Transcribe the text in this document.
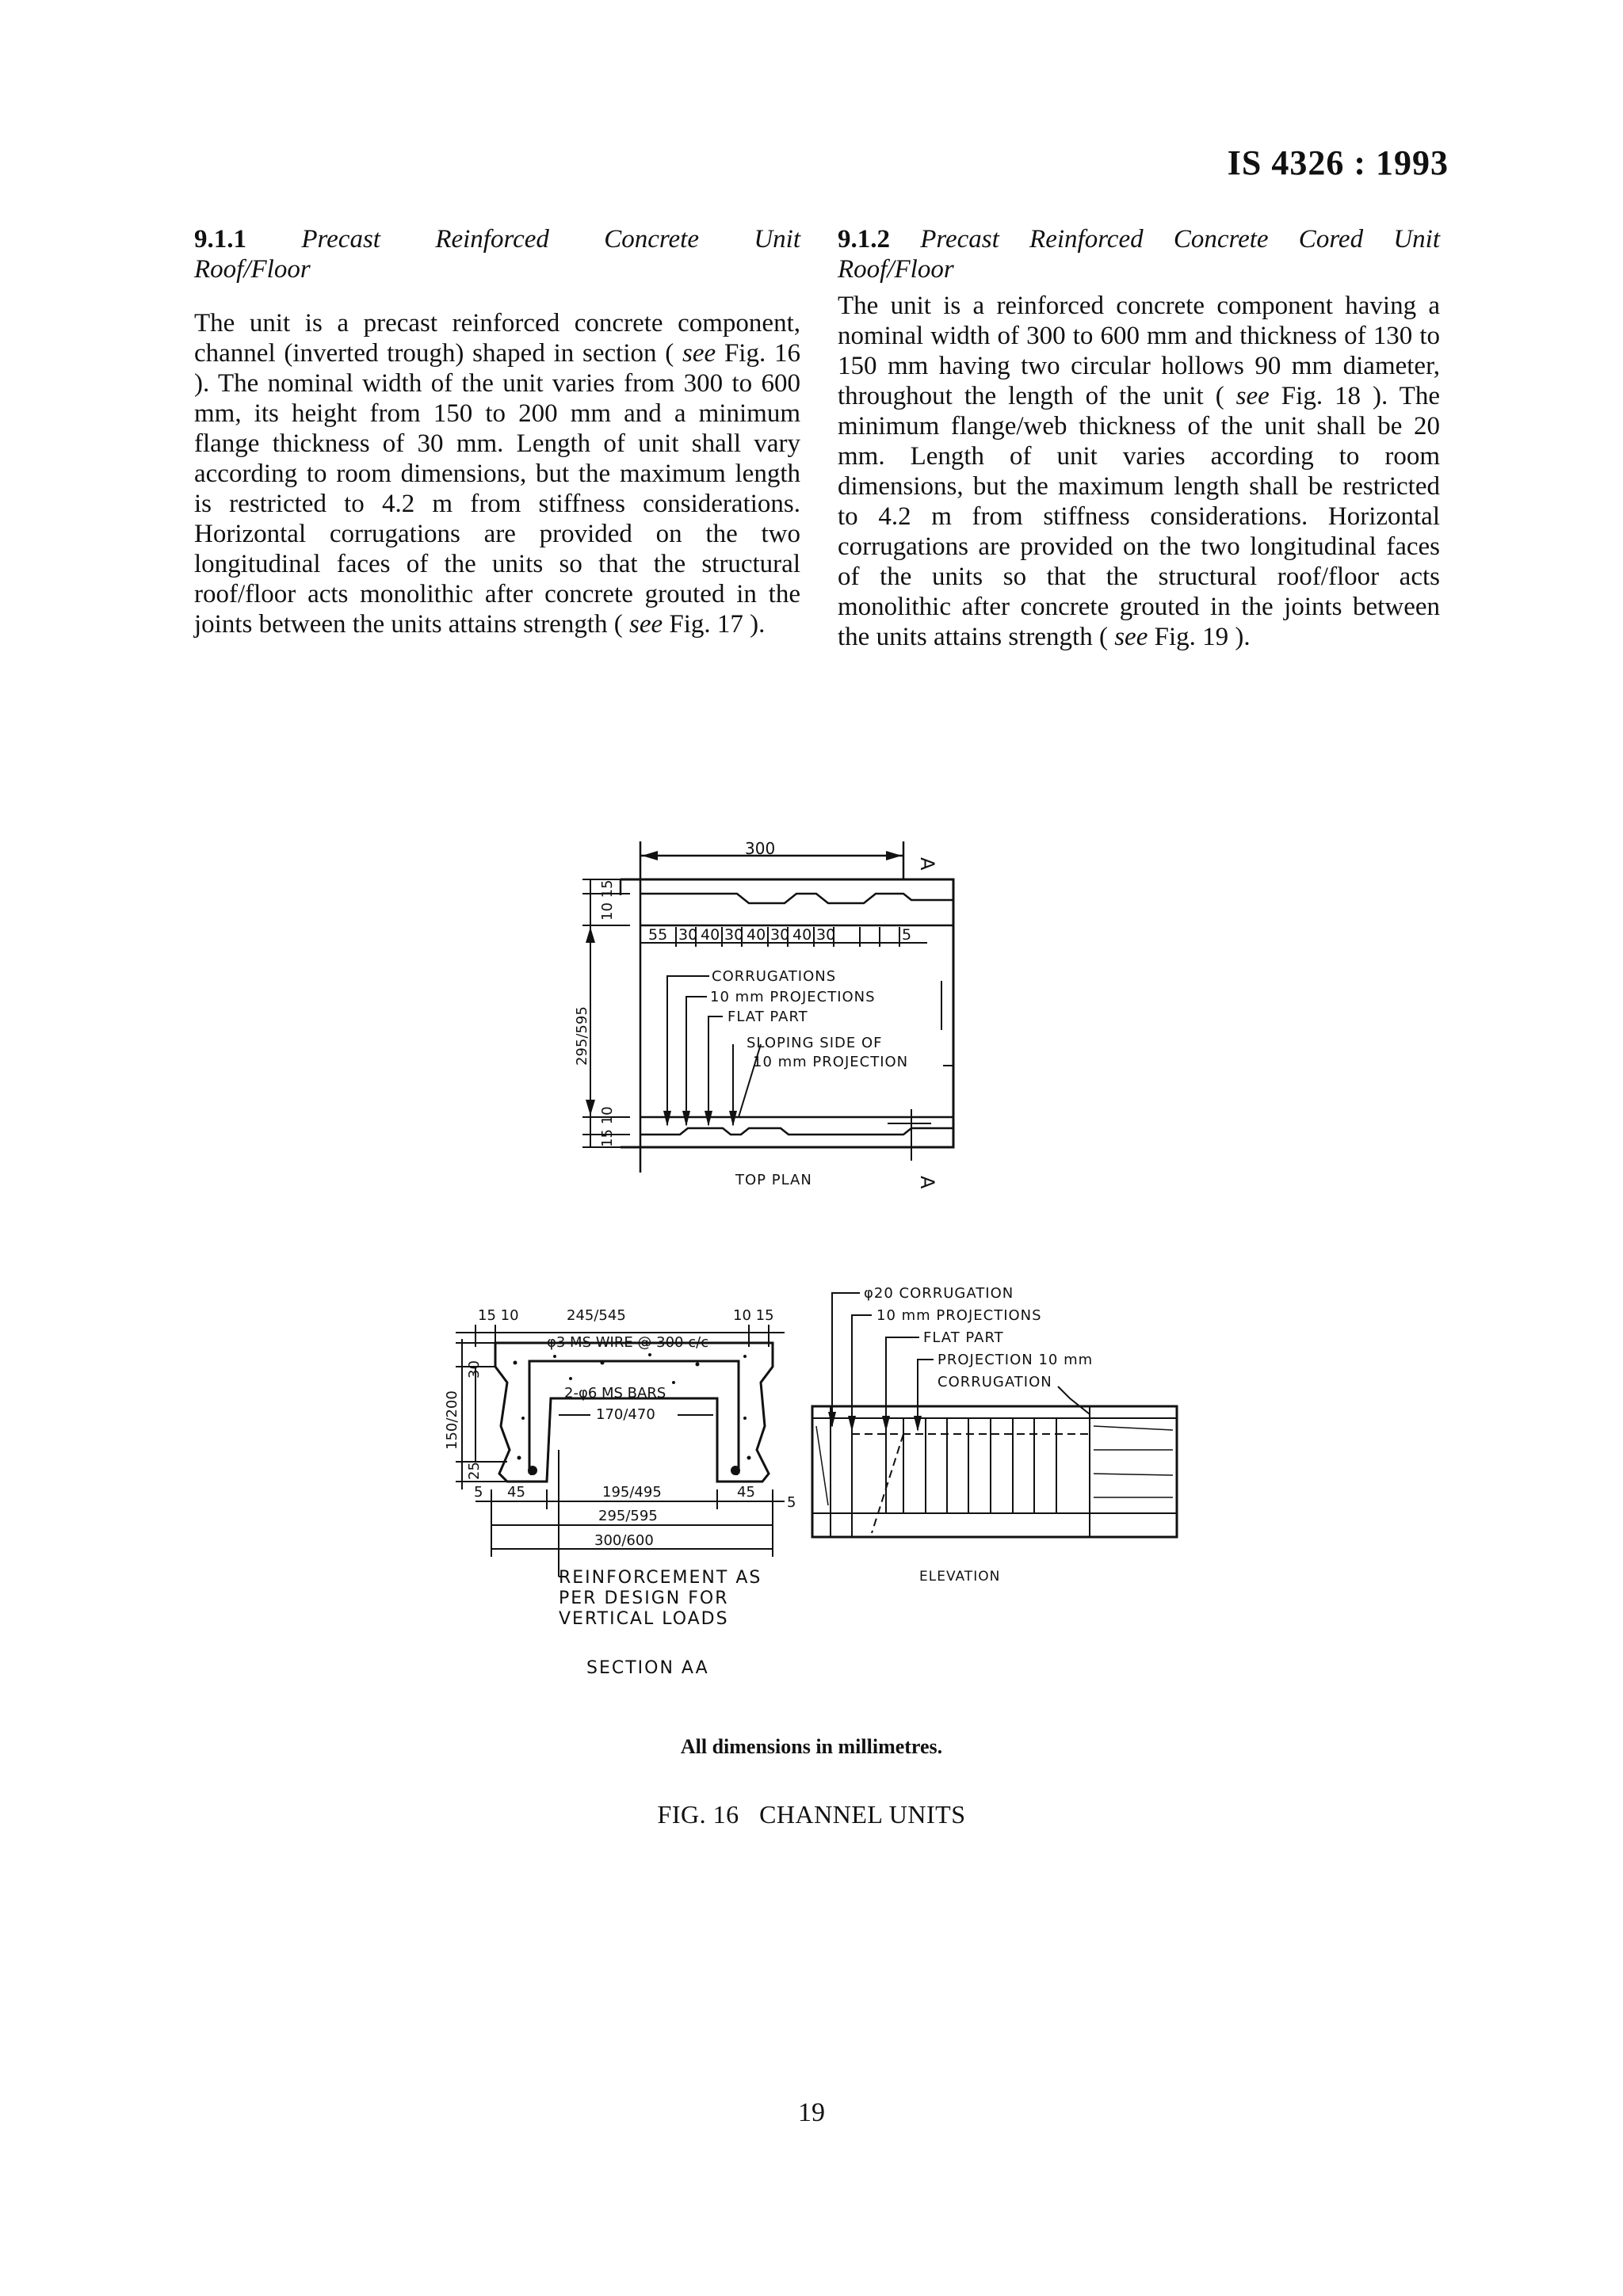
IS 4326 : 1993

9.1.1 Precast Reinforced Concrete Unit
Roof/Floor

The unit is a precast reinforced concrete component, channel (inverted trough) shaped in section ( see Fig. 16 ). The nominal width of the unit varies from 300 to 600 mm, its height from 150 to 200 mm and a minimum flange thickness of 30 mm. Length of unit shall vary according to room dimensions, but the maximum length is restricted to 4.2 m from stiffness considerations. Horizontal corrugations are provided on the two longitudinal faces of the units so that the structural roof/floor acts monolithic after concrete grouted in the joints between the units attains strength ( see Fig. 17 ).

9.1.2 Precast Reinforced Concrete Cored Unit
Roof/Floor

The unit is a reinforced concrete component having a nominal width of 300 to 600 mm and thickness of 130 to 150 mm having two circular hollows 90 mm diameter, throughout the length of the unit ( see Fig. 18 ). The minimum flange/web thickness of the unit shall be 20 mm. Length of unit varies according to room dimensions, but the maximum length shall be restricted to 4.2 m from stiffness considerations. Horizontal corrugations are provided on the two longitudinal faces of the units so that the structural roof/floor acts monolithic after concrete grouted in the joints between the units attains strength ( see Fig. 19 ).

300
A
55 30 40 30 40 30 40 30	5
10 15
295/595
15 10
CORRUGATIONS
10 mm PROJECTIONS
FLAT PART
SLOPING SIDE OF
10 mm PROJECTION
TOP PLAN	A
15 10	245/545	10 15
150/200
30
25
φ3 MS WIRE @ 300 c/c
2-φ6 MS BARS
170/470
5 45	195/495	45
5
295/595
300/600
REINFORCEMENT AS
PER DESIGN FOR
VERTICAL LOADS
SECTION AA
φ20 CORRUGATION
10 mm PROJECTIONS
FLAT PART
PROJECTION 10 mm
CORRUGATION
ELEVATION
All dimensions in millimetres.
FIG. 16 CHANNEL UNITS
19
